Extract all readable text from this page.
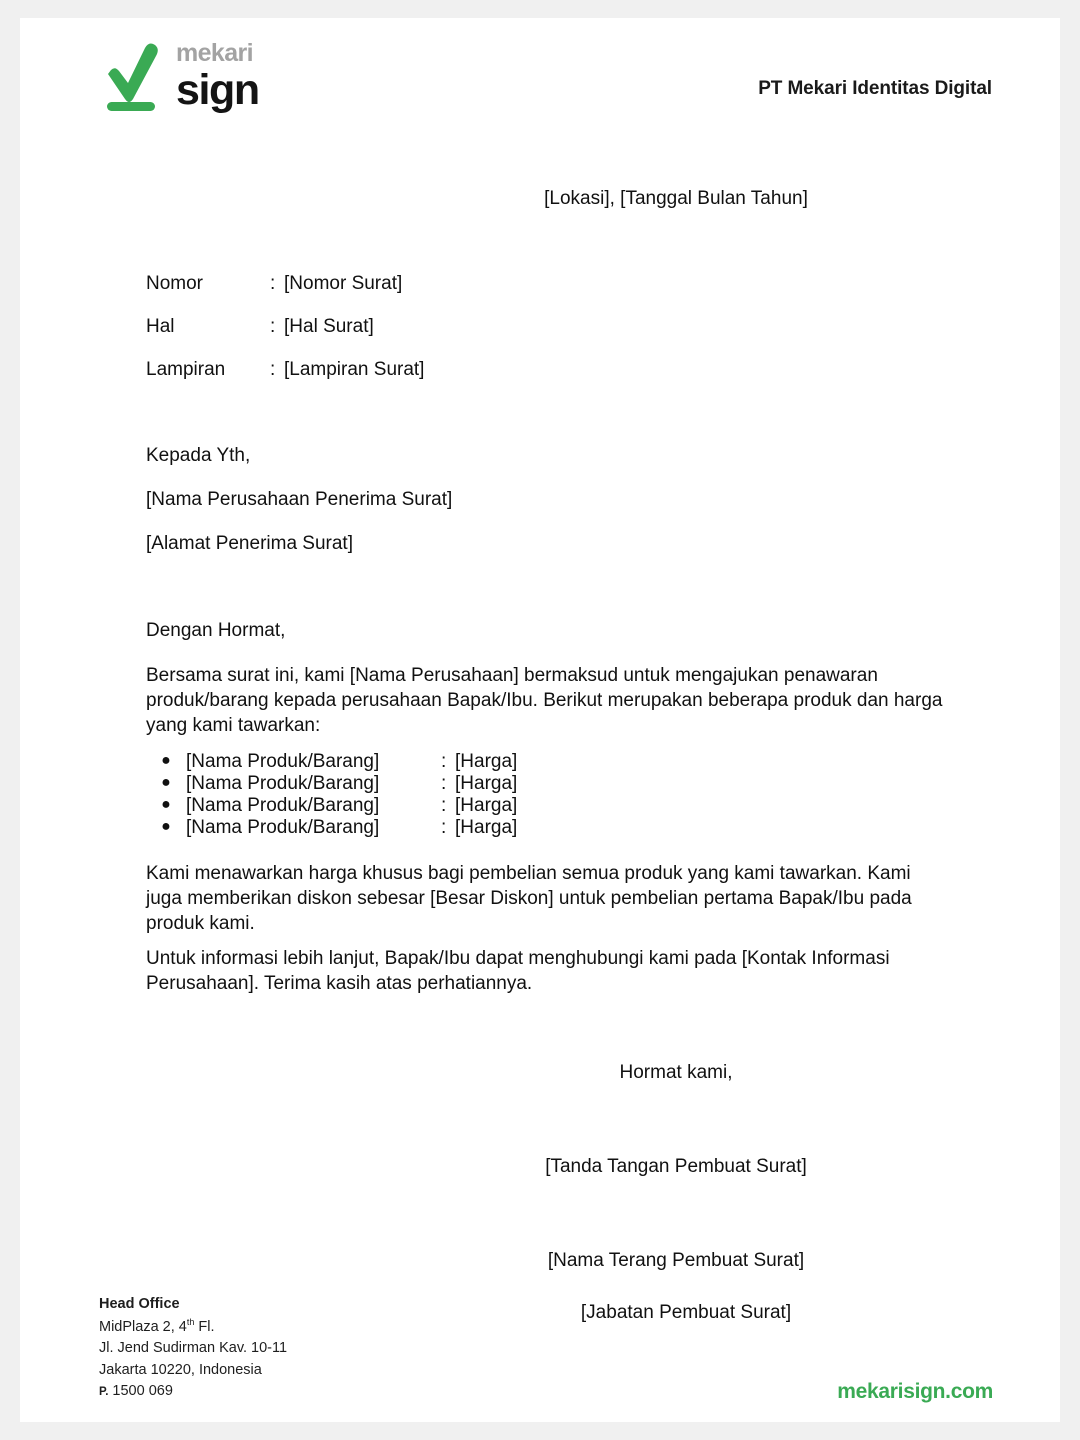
mekari
sign	PT Mekari Identitas Digital
[Lokasi], [Tanggal Bulan Tahun]
Nomor	: [Nomor Surat]
Hal	: [Hal Surat]
Lampiran	: [Lampiran Surat]
Kepada Yth,
[Nama Perusahaan Penerima Surat]
[Alamat Penerima Surat]
Dengan Hormat,
Bersama surat ini, kami [Nama Perusahaan] bermaksud untuk mengajukan penawaran produk/barang kepada perusahaan Bapak/Ibu. Berikut merupakan beberapa produk dan harga yang kami tawarkan:
● [Nama Produk/Barang]	: [Harga]
● [Nama Produk/Barang]	: [Harga]
● [Nama Produk/Barang]	: [Harga]
● [Nama Produk/Barang]	: [Harga]
Kami menawarkan harga khusus bagi pembelian semua produk yang kami tawarkan. Kami juga memberikan diskon sebesar [Besar Diskon] untuk pembelian pertama Bapak/Ibu pada produk kami.
Untuk informasi lebih lanjut, Bapak/Ibu dapat menghubungi kami pada [Kontak Informasi Perusahaan]. Terima kasih atas perhatiannya.
Hormat kami,
[Tanda Tangan Pembuat Surat]
[Nama Terang Pembuat Surat]
[Jabatan Pembuat Surat]
Head Office
MidPlaza 2, 4th Fl.
Jl. Jend Sudirman Kav. 10-11
Jakarta 10220, Indonesia
P. 1500 069	mekarisign.com
